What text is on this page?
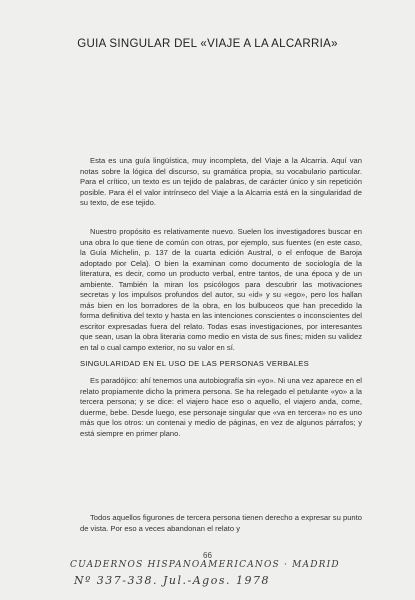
GUIA SINGULAR DEL «VIAJE A LA ALCARRIA»

Esta es una guía lingüística, muy incompleta, del Viaje a la Alcarria. Aquí van notas sobre la lógica del discurso, su gramática propia, su vocabulario particular. Para el crítico, un texto es un tejido de palabras, de carácter único y sin repetición posible. Para él el valor intrínseco del Viaje a la Alcarria está en la singularidad de su texto, de ese tejido.

Nuestro propósito es relativamente nuevo. Suelen los investigadores buscar en una obra lo que tiene de común con otras, por ejemplo, sus fuentes (en este caso, la Guía Michelin, p. 137 de la cuarta edición Austral, o el enfoque de Baroja adoptado por Cela). O bien la examinan como documento de sociología de la literatura, es decir, como un producto verbal, entre tantos, de una época y de un ambiente. También la miran los psicólogos para descubrir las motivaciones secretas y los impulsos profundos del autor, su «id» y su «ego», pero los hallan más bien en los borradores de la obra, en los bulbuceos que han precedido la forma definitiva del texto y hasta en las intenciones conscientes o inconscientes del escritor expresadas fuera del relato. Todas esas investigaciones, por interesantes que sean, usan la obra literaria como medio en vista de sus fines; miden su validez en tal o cual campo exterior, no su valor en sí.

SINGULARIDAD EN EL USO DE LAS PERSONAS VERBALES

Es paradójico: ahí tenemos una autobiografía sin «yo». Ni una vez aparece en el relato propiamente dicho la primera persona. Se ha relegado el petulante «yo» a la tercera persona; y se dice: el viajero hace eso o aquello, el viajero anda, come, duerme, bebe. Desde luego, ese personaje singular que «va en tercera» no es uno más que los otros: un contenai y medio de páginas, en vez de algunos párrafos; y está siempre en primer plano.

Todos aquellos figurones de tercera persona tienen derecho a expresar su punto de vista. Por eso a veces abandonan el relato y

66
CUADERNOS HISPANOAMERICANOS · MADRID
Nº 337-338. Jul.-Agos. 1978
